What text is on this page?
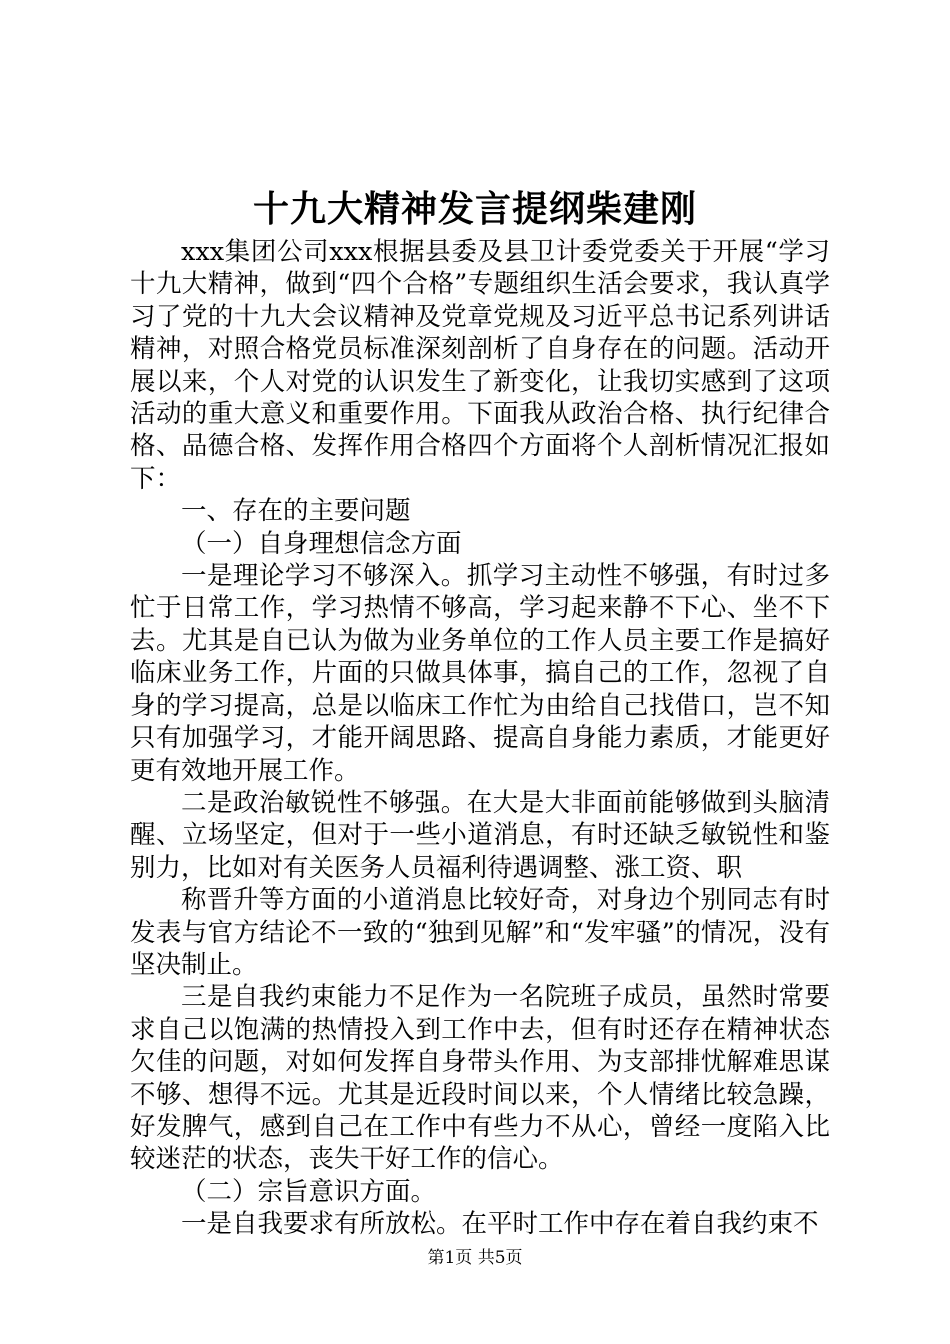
十九大精神发言提纲柴建刚

xxx集团公司xxx根据县委及县卫计委党委关于开展“学习十九大精神，做到“四个合格”专题组织生活会要求，我认真学习了党的十九大会议精神及党章党规及习近平总书记系列讲话精神，对照合格党员标准深刻剖析了自身存在的问题。活动开展以来，个人对党的认识发生了新变化，让我切实感到了这项活动的重大意义和重要作用。下面我从政治合格、执行纪律合格、品德合格、发挥作用合格四个方面将个人剖析情况汇报如下：

一、存在的主要问题

（一）自身理想信念方面

一是理论学习不够深入。抓学习主动性不够强，有时过多忙于日常工作，学习热情不够高，学习起来静不下心、坐不下去。尤其是自已认为做为业务单位的工作人员主要工作是搞好临床业务工作，片面的只做具体事，搞自己的工作，忽视了自身的学习提高，总是以临床工作忙为由给自己找借口，岂不知只有加强学习，才能开阔思路、提高自身能力素质，才能更好更有效地开展工作。

二是政治敏锐性不够强。在大是大非面前能够做到头脑清醒、立场坚定，但对于一些小道消息，有时还缺乏敏锐性和鉴别力，比如对有关医务人员福利待遇调整、涨工资、职

称晋升等方面的小道消息比较好奇，对身边个别同志有时发表与官方结论不一致的“独到见解”和“发牢骚”的情况，没有坚决制止。

三是自我约束能力不足作为一名院班子成员，虽然时常要求自己以饱满的热情投入到工作中去，但有时还存在精神状态欠佳的问题，对如何发挥自身带头作用、为支部排忧解难思谋不够、想得不远。尤其是近段时间以来，个人情绪比较急躁，好发脾气，感到自己在工作中有些力不从心，曾经一度陷入比较迷茫的状态，丧失干好工作的信心。

（二）宗旨意识方面。

一是自我要求有所放松。在平时工作中存在着自我约束不

第1页 共5页
